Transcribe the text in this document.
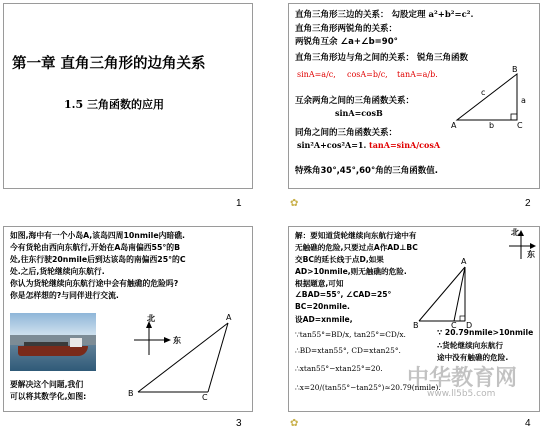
第一章 直角三角形的边角关系
1.5 三角函数的应用
1
直角三角形三边的关系： 勾股定理 a²+b²=c².
直角三角形两锐角的关系：
两锐角互余 ∠a+∠b=90°
直角三角形边与角之间的关系： 锐角三角函数
sinA=a/c, cosA=b/c, tanA=a/b.
互余两角之间的三角函数关系：
sinA=cosB
同角之间的三角函数关系：
sin²A+cos²A=1. tanA=sinA/cosA
特殊角30°,45°,60°角的三角函数值.
A
B
C
a
b
c
✿	2
如图,海中有一个小岛A,该岛四周10nmile内暗礁.
今有货轮由西向东航行,开始在A岛南偏西55°的B
处,往东行驶20nmile后到达该岛的南偏西25°的C
处.之后,货轮继续向东航行.
你认为货轮继续向东航行途中会有触礁的危险吗?
你是怎样想的?与同伴进行交流.
北
东
A
B	C
要解决这个问题,我们
可以将其数学化,如图:
3
解：要知道货轮继续向东航行途中有
无触礁的危险,只要过点A作AD⊥BC
交BC的延长线于点D,如果
AD>10nmile,则无触礁的危险.
根据题意,可知
∠BAD=55°, ∠CAD=25°
BC=20nmile.
设AD=xnmile,
∵tan55°=BD/x, tan25°=CD/x.
∴BD=xtan55°, CD=xtan25°.
∴xtan55°−xtan25°=20.
∴x=20/(tan55°−tan25°)≈20.79(nmile).
∵ 20.79nmile>10nmile
∴货轮继续向东航行
途中没有触礁的危险.
北
东
A
B	C D
中华教育网
www.ll5b5.com
✿	4
